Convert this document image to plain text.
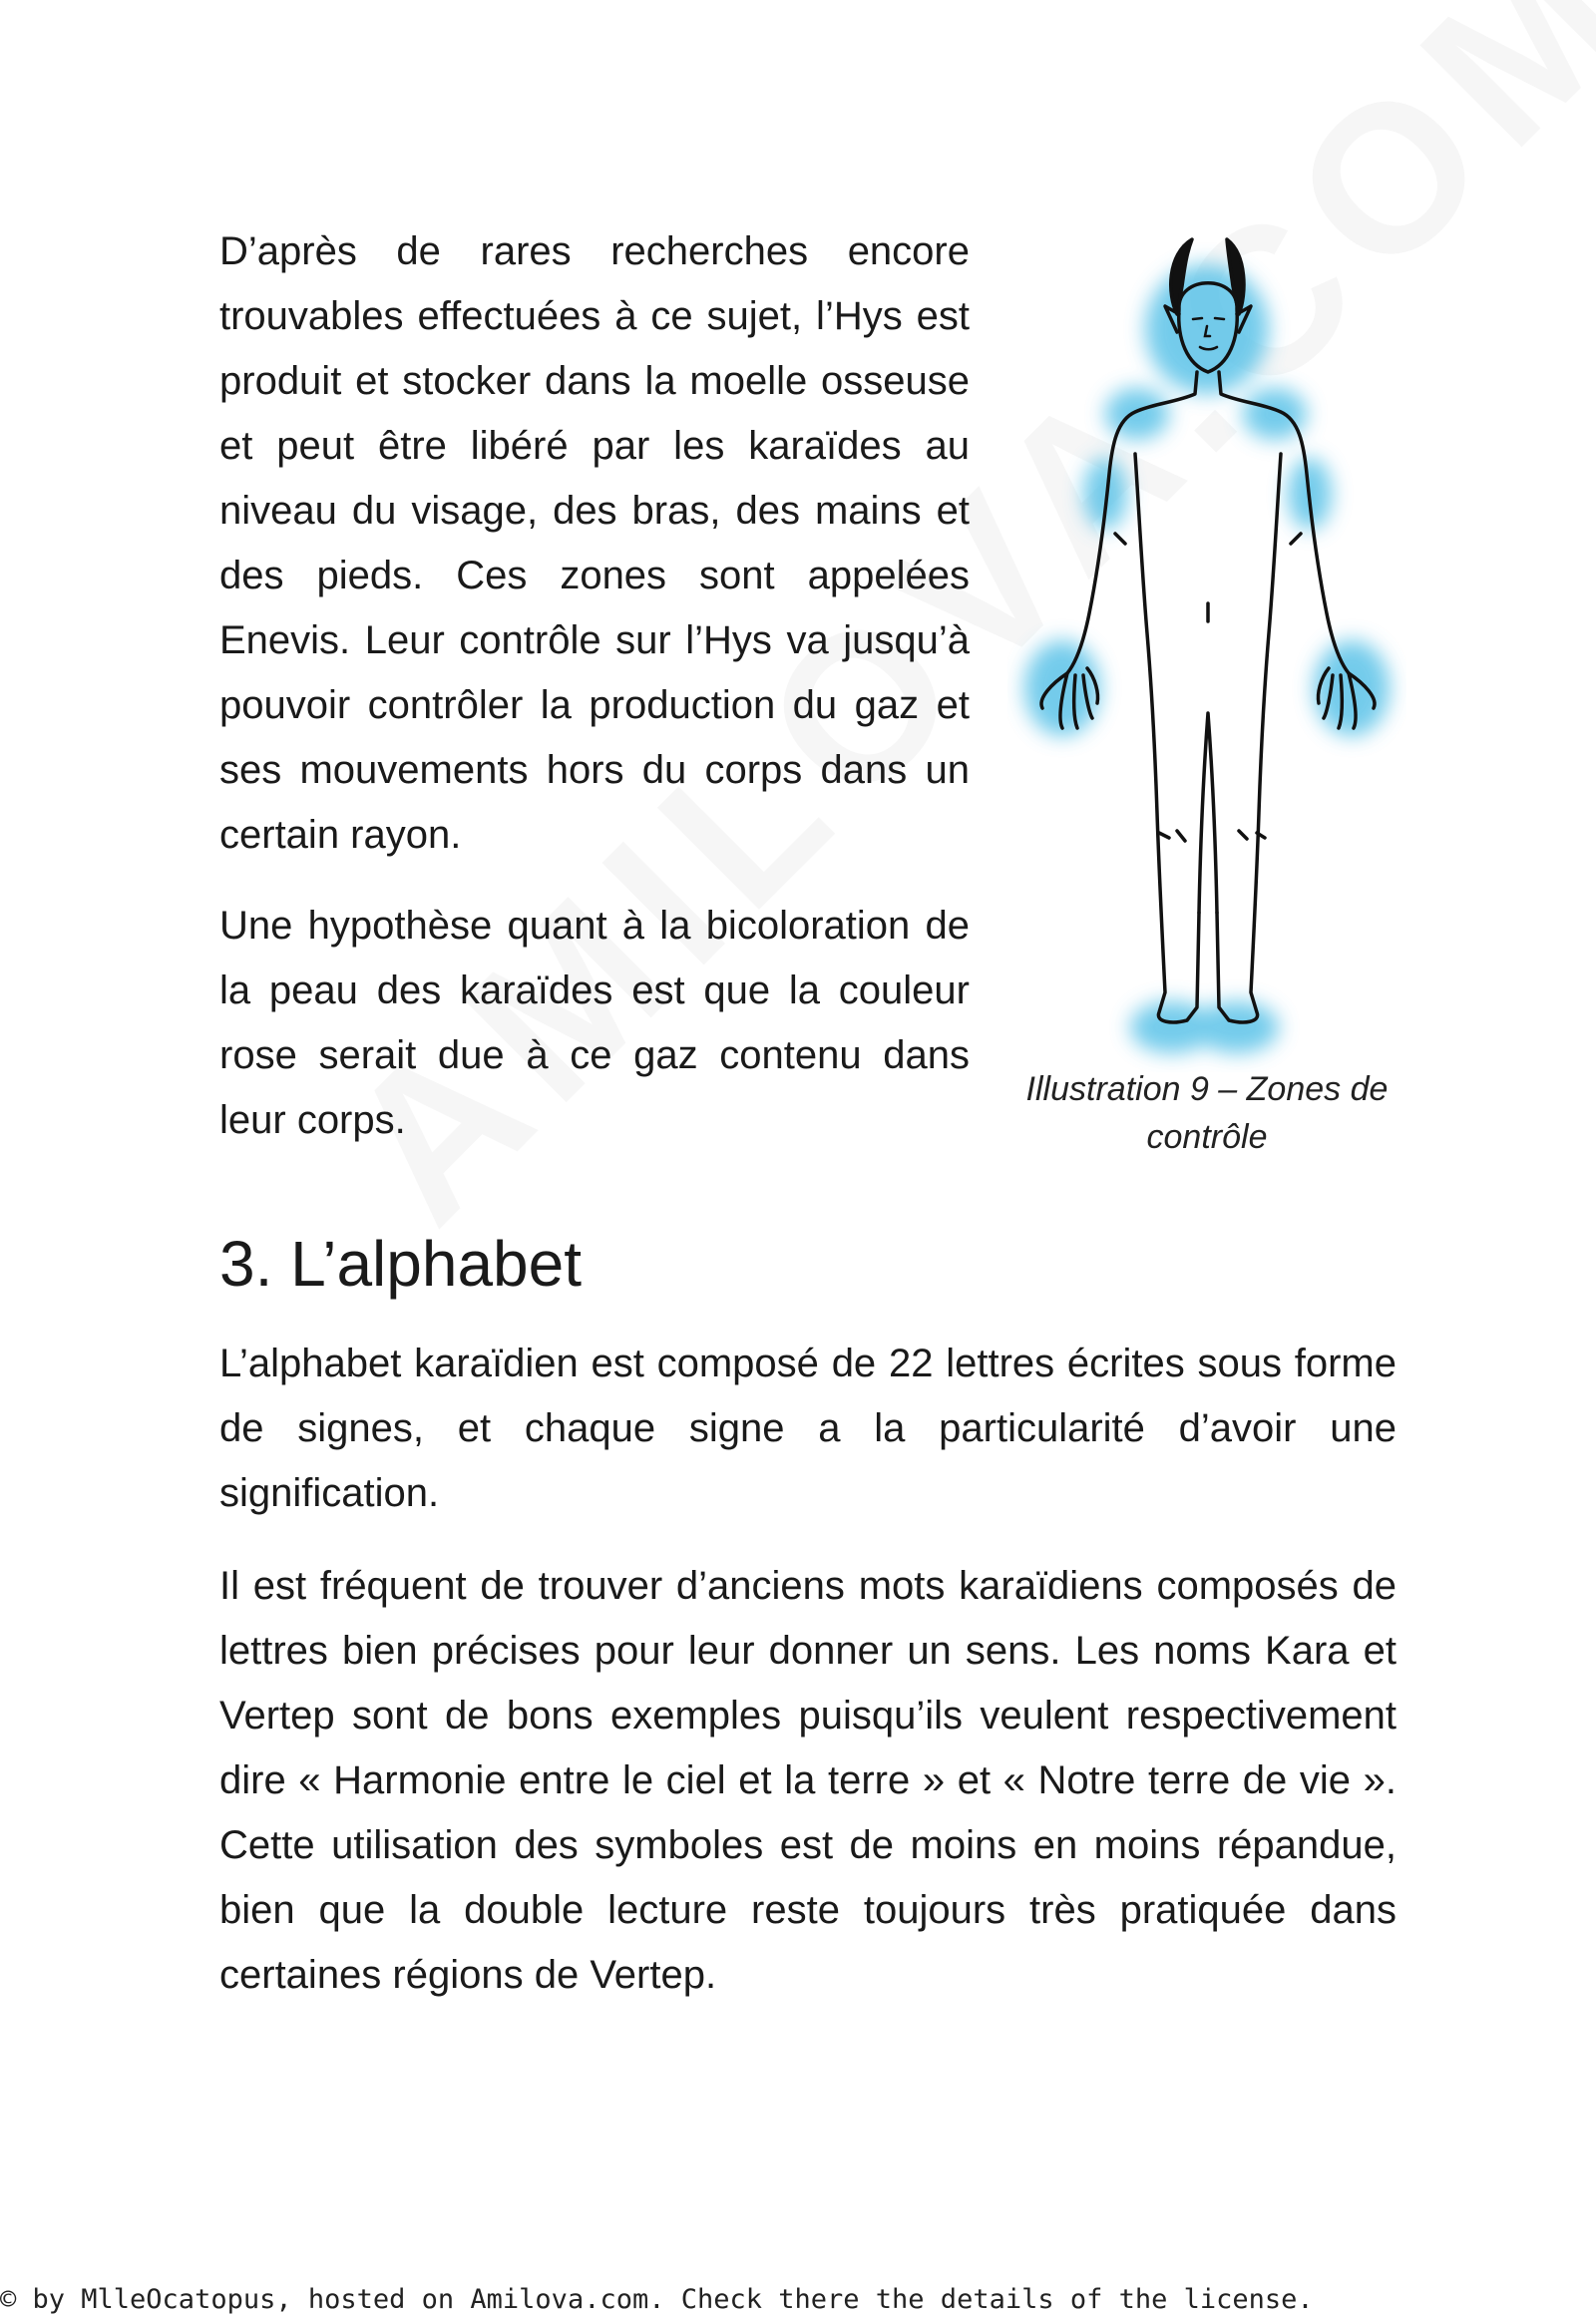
D’après de rares recherches encore trouvables effectuées à ce sujet, l’Hys est produit et stocker dans la moelle osseuse et peut être libéré par les karaïdes au niveau du visage, des bras, des mains et des pieds. Ces zones sont appelées Enevis. Leur contrôle sur l’Hys va jusqu’à pouvoir contrôler la production du gaz et ses mouvements hors du corps dans un certain rayon.

Une hypothèse quant à la bicoloration de la peau des karaïdes est que la couleur rose serait due à ce gaz contenu dans leur corps.

Illustration 9 – Zones de
contrôle
3. L’alphabet

L’alphabet karaïdien est composé de 22 lettres écrites sous forme de signes, et chaque signe a la particularité d’avoir une signification.

Il est fréquent de trouver d’anciens mots karaïdiens composés de lettres bien précises pour leur donner un sens. Les noms Kara et Vertep sont de bons exemples puisqu’ils veulent respectivement dire « Harmonie entre le ciel et la terre » et « Notre terre de vie ». Cette utilisation des symboles est de moins en moins répandue, bien que la double lecture reste toujours très pratiquée dans certaines régions de Vertep.

© by MlleOcatopus, hosted on Amilova.com. Check there the details of the license.
